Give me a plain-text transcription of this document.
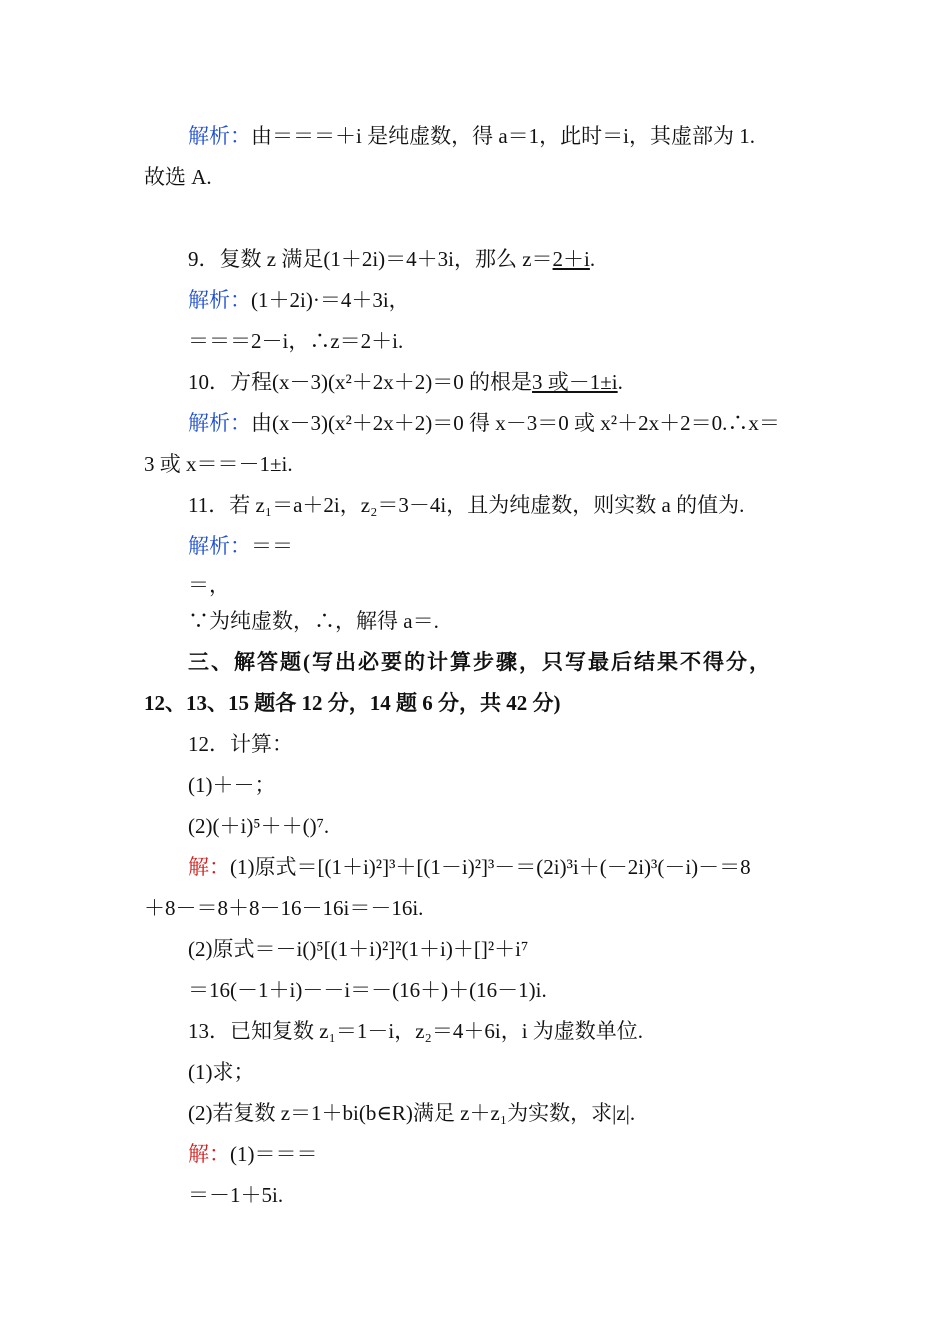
解析：由＝＝＝＋i 是纯虚数，得 a＝1，此时＝i，其虚部为 1.
故选 A.
9．复数 z 满足(1＋2i)＝4＋3i，那么 z＝2＋i.
解析：(1＋2i)·＝4＋3i，
＝＝＝2－i，∴z＝2＋i.
10．方程(x－3)(x²＋2x＋2)＝0 的根是3 或－1±i.
解析：由(x－3)(x²＋2x＋2)＝0 得 x－3＝0 或 x²＋2x＋2＝0.∴x＝
3 或 x＝＝－1±i.
11．若 z₁＝a＋2i，z₂＝3－4i，且为纯虚数，则实数 a 的值为.
解析：＝＝
＝，
∵为纯虚数，∴，解得 a＝.
三、解答题(写出必要的计算步骤，只写最后结果不得分，
12、13、15 题各 12 分，14 题 6 分，共 42 分)
12．计算：
(1)＋－；
(2)(＋i)⁵＋＋()⁷.
解：(1)原式＝[(1＋i)²]³＋[(1－i)²]³－＝(2i)³i＋(－2i)³(－i)－＝8
＋8－＝8＋8－16－16i＝－16i.
(2)原式＝－i()⁵[(1＋i)²]²(1＋i)＋[]²＋i⁷
＝16(－1＋i)－－i＝－(16＋)＋(16－1)i.
13．已知复数 z₁＝1－i，z₂＝4＋6i，i 为虚数单位.
(1)求；
(2)若复数 z＝1＋bi(b∈R)满足 z＋z₁为实数，求|z|.
解：(1)＝＝＝
＝－1＋5i.
